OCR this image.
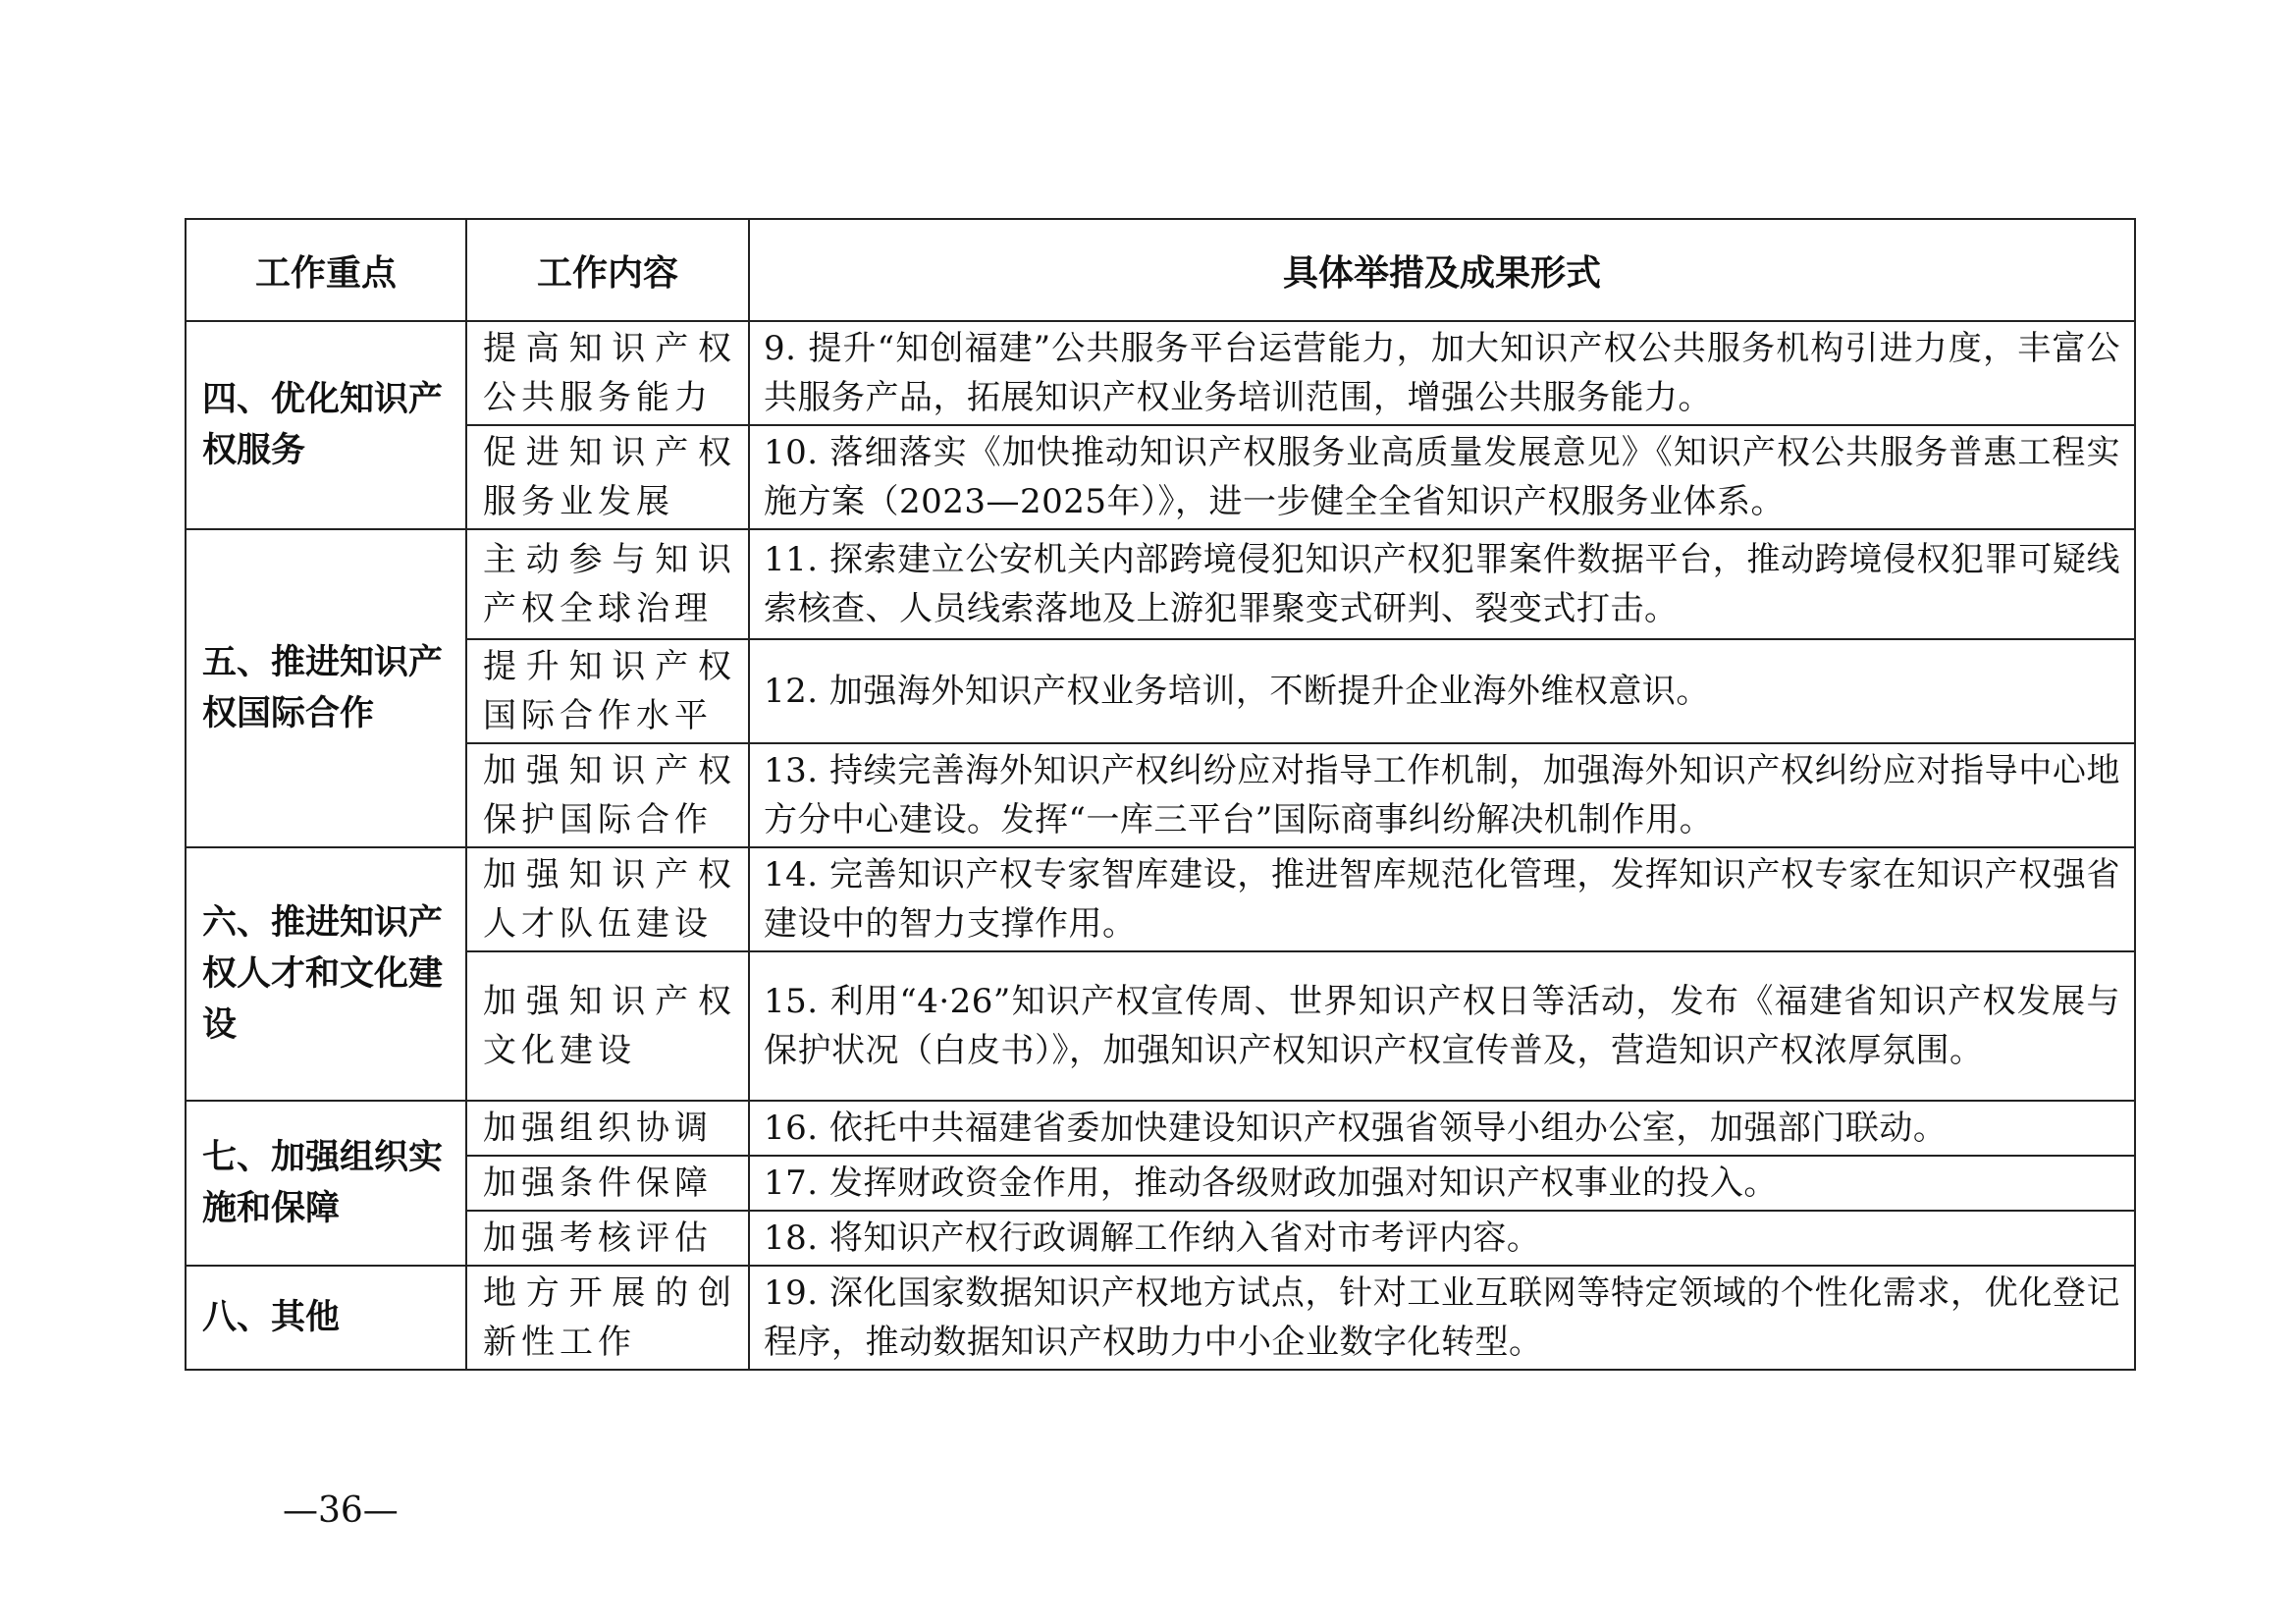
工作重点	工作内容	具体举措及成果形式
四、优化知识产权服务	提高知识产权公共服务能力	9. 提升“知创福建”公共服务平台运营能力，加大知识产权公共服务机构引进力度，丰富公共服务产品，拓展知识产权业务培训范围，增强公共服务能力。
	促进知识产权服务业发展	10. 落细落实《加快推动知识产权服务业高质量发展意见》《知识产权公共服务普惠工程实施方案（2023—2025年）》，进一步健全全省知识产权服务业体系。
五、推进知识产权国际合作	主动参与知识产权全球治理	11. 探索建立公安机关内部跨境侵犯知识产权犯罪案件数据平台，推动跨境侵权犯罪可疑线索核查、人员线索落地及上游犯罪聚变式研判、裂变式打击。
	提升知识产权国际合作水平	12. 加强海外知识产权业务培训，不断提升企业海外维权意识。
	加强知识产权保护国际合作	13. 持续完善海外知识产权纠纷应对指导工作机制，加强海外知识产权纠纷应对指导中心地方分中心建设。发挥“一库三平台”国际商事纠纷解决机制作用。
六、推进知识产权人才和文化建设	加强知识产权人才队伍建设	14. 完善知识产权专家智库建设，推进智库规范化管理，发挥知识产权专家在知识产权强省建设中的智力支撑作用。
	加强知识产权文化建设	15. 利用“4·26”知识产权宣传周、世界知识产权日等活动，发布《福建省知识产权发展与保护状况（白皮书）》，加强知识产权知识产权宣传普及，营造知识产权浓厚氛围。
七、加强组织实施和保障	加强组织协调	16. 依托中共福建省委加快建设知识产权强省领导小组办公室，加强部门联动。
	加强条件保障	17. 发挥财政资金作用，推动各级财政加强对知识产权事业的投入。
	加强考核评估	18. 将知识产权行政调解工作纳入省对市考评内容。
八、其他	地方开展的创新性工作	19. 深化国家数据知识产权地方试点，针对工业互联网等特定领域的个性化需求，优化登记程序，推动数据知识产权助力中小企业数字化转型。
—36—
